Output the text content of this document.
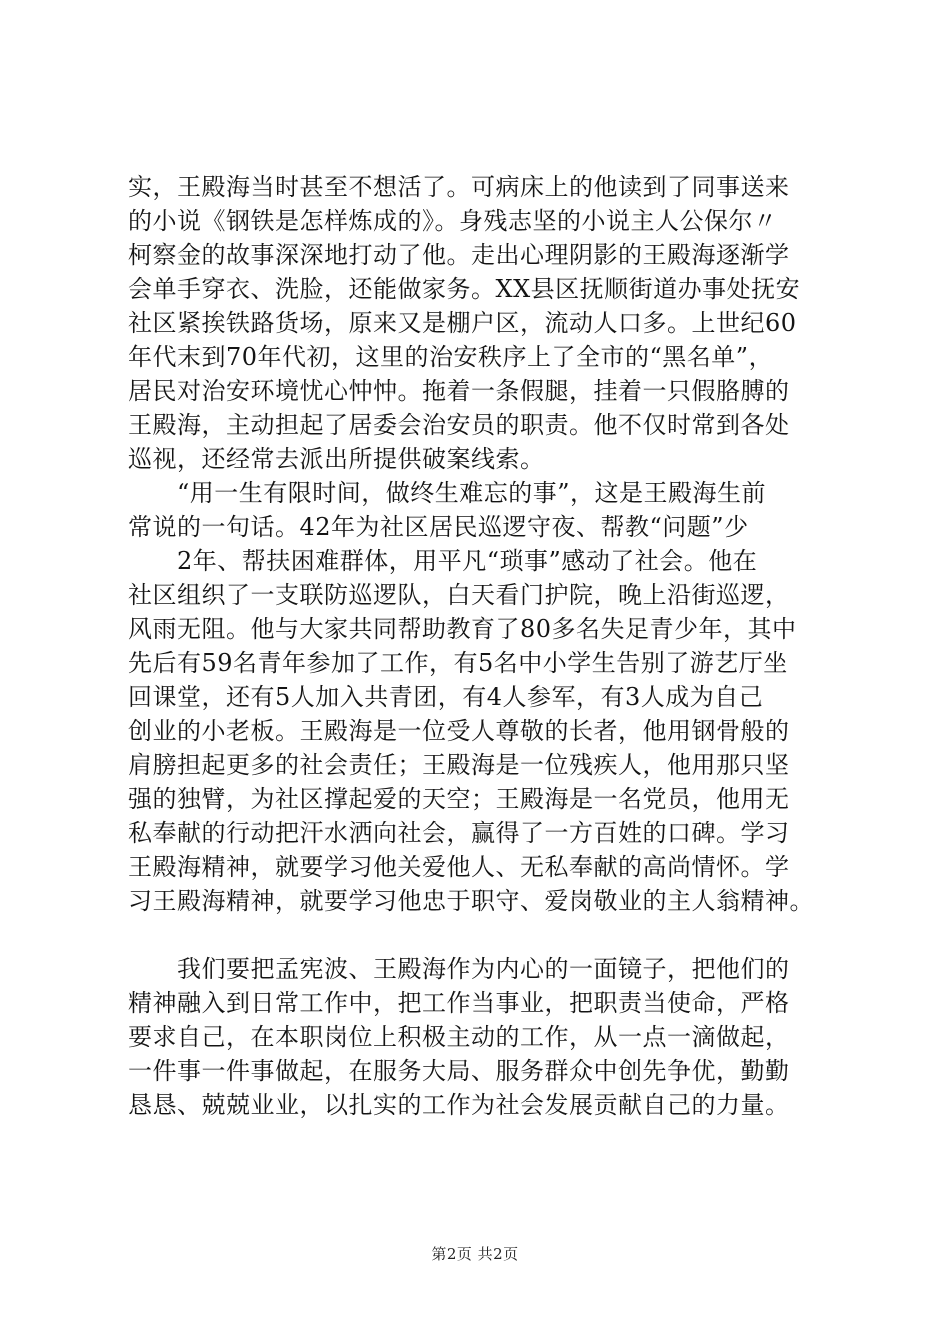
实，王殿海当时甚至不想活了。可病床上的他读到了同事送来
的小说《钢铁是怎样炼成的》。身残志坚的小说主人公保尔〃
柯察金的故事深深地打动了他。走出心理阴影的王殿海逐渐学
会单手穿衣、洗脸，还能做家务。XX县区抚顺街道办事处抚安
社区紧挨铁路货场，原来又是棚户区，流动人口多。上世纪60
年代末到70年代初，这里的治安秩序上了全市的“黑名单”，
居民对治安环境忧心忡忡。拖着一条假腿，挂着一只假胳膊的
王殿海，主动担起了居委会治安员的职责。他不仅时常到各处
巡视，还经常去派出所提供破案线索。
　　“用一生有限时间，做终生难忘的事”，这是王殿海生前
常说的一句话。42年为社区居民巡逻守夜、帮教“问题”少
　　2年、帮扶困难群体，用平凡“琐事”感动了社会。他在
社区组织了一支联防巡逻队，白天看门护院，晚上沿街巡逻，
风雨无阻。他与大家共同帮助教育了80多名失足青少年，其中
先后有59名青年参加了工作，有5名中小学生告别了游艺厅坐
回课堂，还有5人加入共青团，有4人参军，有3人成为自己
创业的小老板。王殿海是一位受人尊敬的长者，他用钢骨般的
肩膀担起更多的社会责任；王殿海是一位残疾人，他用那只坚
强的独臂，为社区撑起爱的天空；王殿海是一名党员，他用无
私奉献的行动把汗水洒向社会，赢得了一方百姓的口碑。学习
王殿海精神，就要学习他关爱他人、无私奉献的高尚情怀。学
习王殿海精神，就要学习他忠于职守、爱岗敬业的主人翁精神。
　　我们要把孟宪波、王殿海作为内心的一面镜子，把他们的
精神融入到日常工作中，把工作当事业，把职责当使命，严格
要求自己，在本职岗位上积极主动的工作，从一点一滴做起，
一件事一件事做起，在服务大局、服务群众中创先争优，勤勤
恳恳、兢兢业业，以扎实的工作为社会发展贡献自己的力量。
第2页 共2页
